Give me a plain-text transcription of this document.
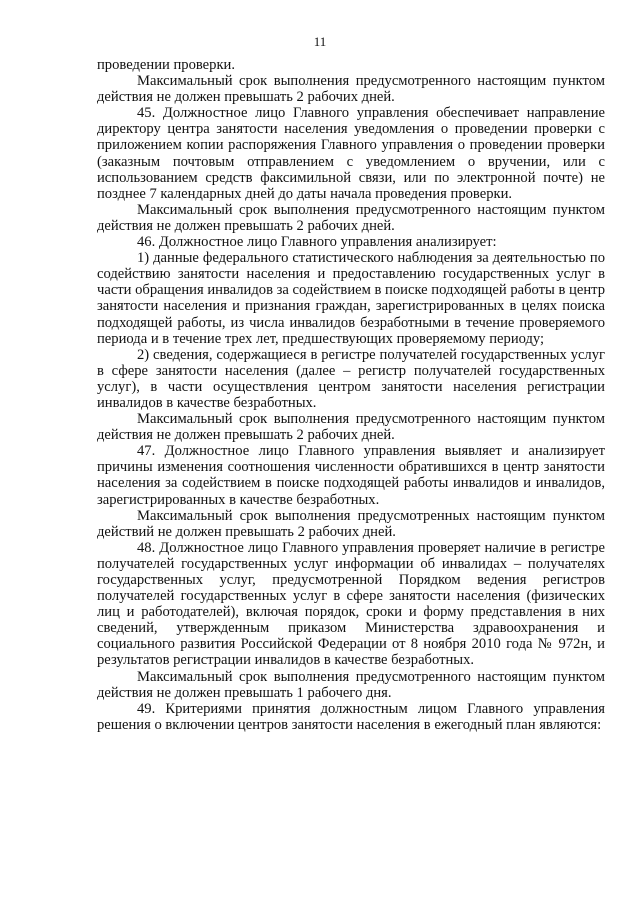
11

проведении проверки.

Максимальный срок выполнения предусмотренного настоящим пунктом действия не должен превышать 2 рабочих дней.

45. Должностное лицо Главного управления обеспечивает направление директору центра занятости населения уведомления о проведении проверки с приложением копии распоряжения Главного управления о проведении проверки (заказным почтовым отправлением с уведомлением о вручении, или с использованием средств факсимильной связи, или по электронной почте) не позднее 7 календарных дней до даты начала проведения проверки.

Максимальный срок выполнения предусмотренного настоящим пунктом действия не должен превышать 2 рабочих дней.

46. Должностное лицо Главного управления анализирует:

1) данные федерального статистического наблюдения за деятельностью по содействию занятости населения и предоставлению государственных услуг в части обращения инвалидов за содействием в поиске подходящей работы в центр занятости населения и признания граждан, зарегистрированных в целях поиска подходящей работы, из числа инвалидов безработными в течение проверяемого периода и в течение трех лет, предшествующих проверяемому периоду;

2) сведения, содержащиеся в регистре получателей государственных услуг в сфере занятости населения (далее – регистр получателей государственных услуг), в части осуществления центром занятости населения регистрации инвалидов в качестве безработных.

Максимальный срок выполнения предусмотренного настоящим пунктом действия не должен превышать 2 рабочих дней.

47. Должностное лицо Главного управления выявляет и анализирует причины изменения соотношения численности обратившихся в центр занятости населения за содействием в поиске подходящей работы инвалидов и инвалидов, зарегистрированных в качестве безработных.

Максимальный срок выполнения предусмотренных настоящим пунктом действий не должен превышать 2 рабочих дней.

48. Должностное лицо Главного управления проверяет наличие в регистре получателей государственных услуг информации об инвалидах – получателях государственных услуг, предусмотренной Порядком ведения регистров получателей государственных услуг в сфере занятости населения (физических лиц и работодателей), включая порядок, сроки и форму представления в них сведений, утвержденным приказом Министерства здравоохранения и социального развития Российской Федерации от 8 ноября 2010 года № 972н, и результатов регистрации инвалидов в качестве безработных.

Максимальный срок выполнения предусмотренного настоящим пунктом действия не должен превышать 1 рабочего дня.

49. Критериями принятия должностным лицом Главного управления решения о включении центров занятости населения в ежегодный план являются:
